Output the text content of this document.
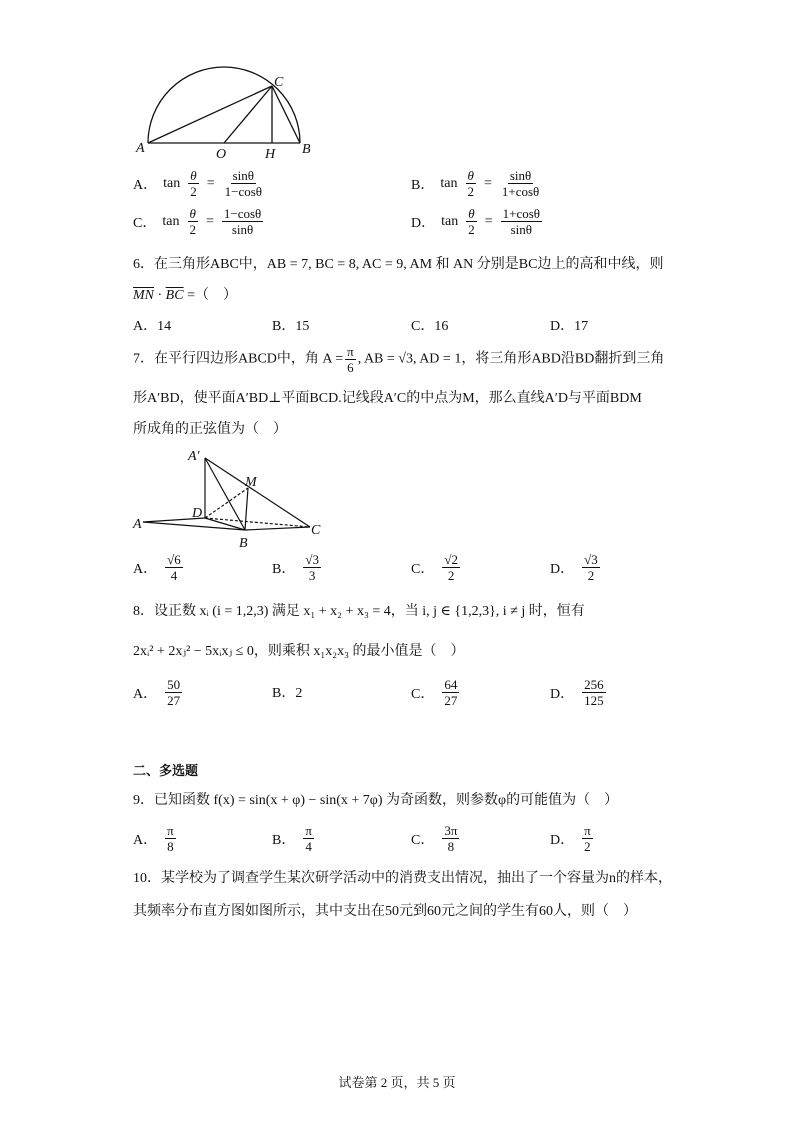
A	O	H B
C
A． $\tan \frac{\theta}{2} = \frac{\sin\theta}{1-\cos\theta}$	B． $\tan \frac{\theta}{2} = \frac{\sin\theta}{1+\cos\theta}$
C． $\tan \frac{\theta}{2} = \frac{1-\cos\theta}{\sin\theta}$	D． $\tan \frac{\theta}{2} = \frac{1+\cos\theta}{\sin\theta}$
6．在三角形ABC中，AB = 7, BC = 8, AC = 9, AM 和 AN 分别是BC边上的高和中线，则
$\overline{MN} \cdot \overline{BC}$ =（　）
A．14	B．15	C．16	D．17
7．在平行四边形ABCD中，角 $A = \frac{\pi}{6}$ , AB = √3, AD = 1，将三角形ABD沿BD翻折到三角
形A′BD，使平面A′BD⊥平面BCD.记线段A′C的中点为M，那么直线A′D与平面BDM
所成角的正弦值为（　）
A′
M
D
A
B
C
A． $\frac{√6}{4}$	B． $\frac{√3}{3}$	C． $\frac{√2}{2}$	D． $\frac{√3}{2}$
8．设正数 xᵢ (i = 1,2,3) 满足 x₁ + x₂ + x₃ = 4，当 i, j ∈ {1,2,3}, i ≠ j 时，恒有
2xᵢ² + 2xⱼ² − 5xᵢxⱼ ≤ 0，则乘积 x₁x₂x₃ 的最小值是（　）
A． $\frac{50}{27}$	B．2	C． $\frac{64}{27}$	D． $\frac{256}{125}$
二、多选题
9．已知函数 f(x) = sin(x + φ) − sin(x + 7φ) 为奇函数，则参数φ的可能值为（　）
A． $\frac{\pi}{8}$	B． $\frac{\pi}{4}$	C． $\frac{3\pi}{8}$	D． $\frac{\pi}{2}$
10．某学校为了调查学生某次研学活动中的消费支出情况，抽出了一个容量为n的样本，
其频率分布直方图如图所示，其中支出在50元到60元之间的学生有60人，则（　）
试卷第 2 页，共 5 页
